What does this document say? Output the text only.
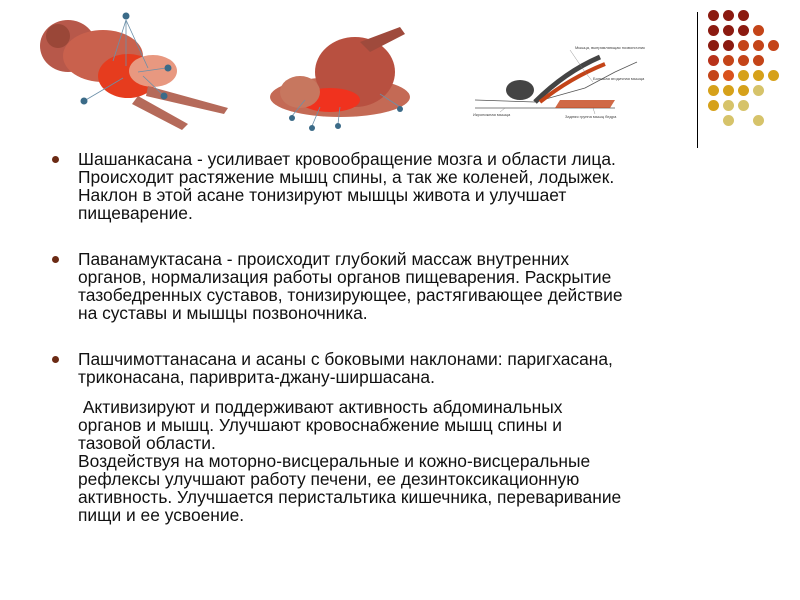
Мышца, выпрямляющая позвоночник
Большая ягодичная мышца
Задняя группа мышц бедра
Икроножная мышца
Шашанкасана - усиливает кровообращение мозга и области лица.
Происходит растяжение мышц спины, а так же коленей, лодыжек.
Наклон в этой асане тонизируют мышцы живота и улучшает
пищеварение.
Паванамуктасана - происходит глубокий массаж внутренних
органов, нормализация работы органов пищеварения. Раскрытие
тазобедренных суставов, тонизирующее, растягивающее действие
на суставы и мышцы позвоночника.
Пашчимоттанасана и асаны с боковыми наклонами: паригхасана,
триконасана, паривритa-джану-ширшасана.
Активизируют и поддерживают активность абдоминальных
органов и мышц. Улучшают кровоснабжение мышц спины и
тазовой области.
Воздействуя на моторно-висцеральные и кожно-висцеральные
рефлексы улучшают работу печени, ее дезинтоксикационную
активность. Улучшается перистальтика кишечника, переваривание
пищи и ее усвоение.
